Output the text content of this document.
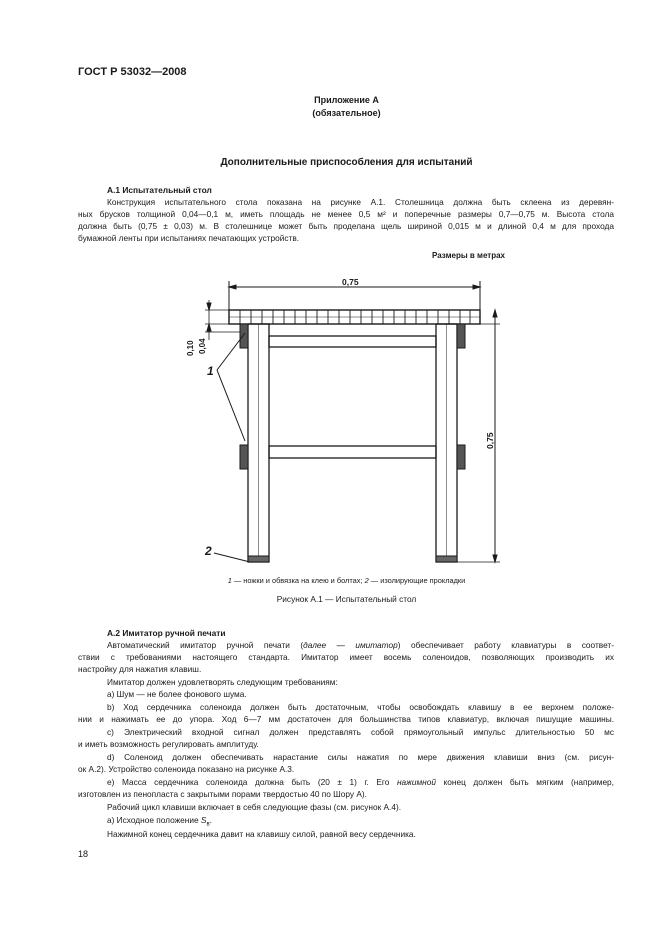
ГОСТ Р 53032—2008
Приложение А
(обязательное)
Дополнительные приспособления для испытаний
А.1 Испытательный стол
Конструкция испытательного стола показана на рисунке А.1. Столешница должна быть склеена из деревян-
ных брусков толщиной 0,04—0,1 м, иметь площадь не менее 0,5 м² и поперечные размеры 0,7—0,75 м. Высота стола
должна быть (0,75 ± 0,03) м. В столешнице может быть проделана щель шириной 0,015 м и длиной 0,4 м для прохода
бумажной ленты при испытаниях печатающих устройств.
Размеры в метрах
0,75
0,10 0,04
0,75
1
2
1 — ножки и обвязка на клею и болтах; 2 — изолирующие прокладки
Рисунок А.1 — Испытательный стол
А.2 Имитатор ручной печати
Автоматический имитатор ручной печати (далее — имитатор) обеспечивает работу клавиатуры в соответ-
ствии с требованиями настоящего стандарта. Имитатор имеет восемь соленоидов, позволяющих производить их
настройку для нажатия клавиш.
Имитатор должен удовлетворять следующим требованиям:
а) Шум — не более фонового шума.
b) Ход сердечника соленоида должен быть достаточным, чтобы освобождать клавишу в ее верхнем положе-
нии и нажимать ее до упора. Ход 6—7 мм достаточен для большинства типов клавиатур, включая пишущие машины.
с) Электрический входной сигнал должен представлять собой прямоугольный импульс длительностью 50 мс
и иметь возможность регулировать амплитуду.
d) Соленоид должен обеспечивать нарастание силы нажатия по мере движения клавиши вниз (см. рисун-
ок А.2). Устройство соленоида показано на рисунке А.3.
е) Масса сердечника соленоида должна быть (20 ± 1) г. Его нажимной конец должен быть мягким (например,
изготовлен из пенопласта с закрытыми порами твердостью 40 по Шору А).
Рабочий цикл клавиши включает в себя следующие фазы (см. рисунок А.4).
а) Исходное положение $S_в$.
Нажимной конец сердечника давит на клавишу силой, равной весу сердечника.
18
